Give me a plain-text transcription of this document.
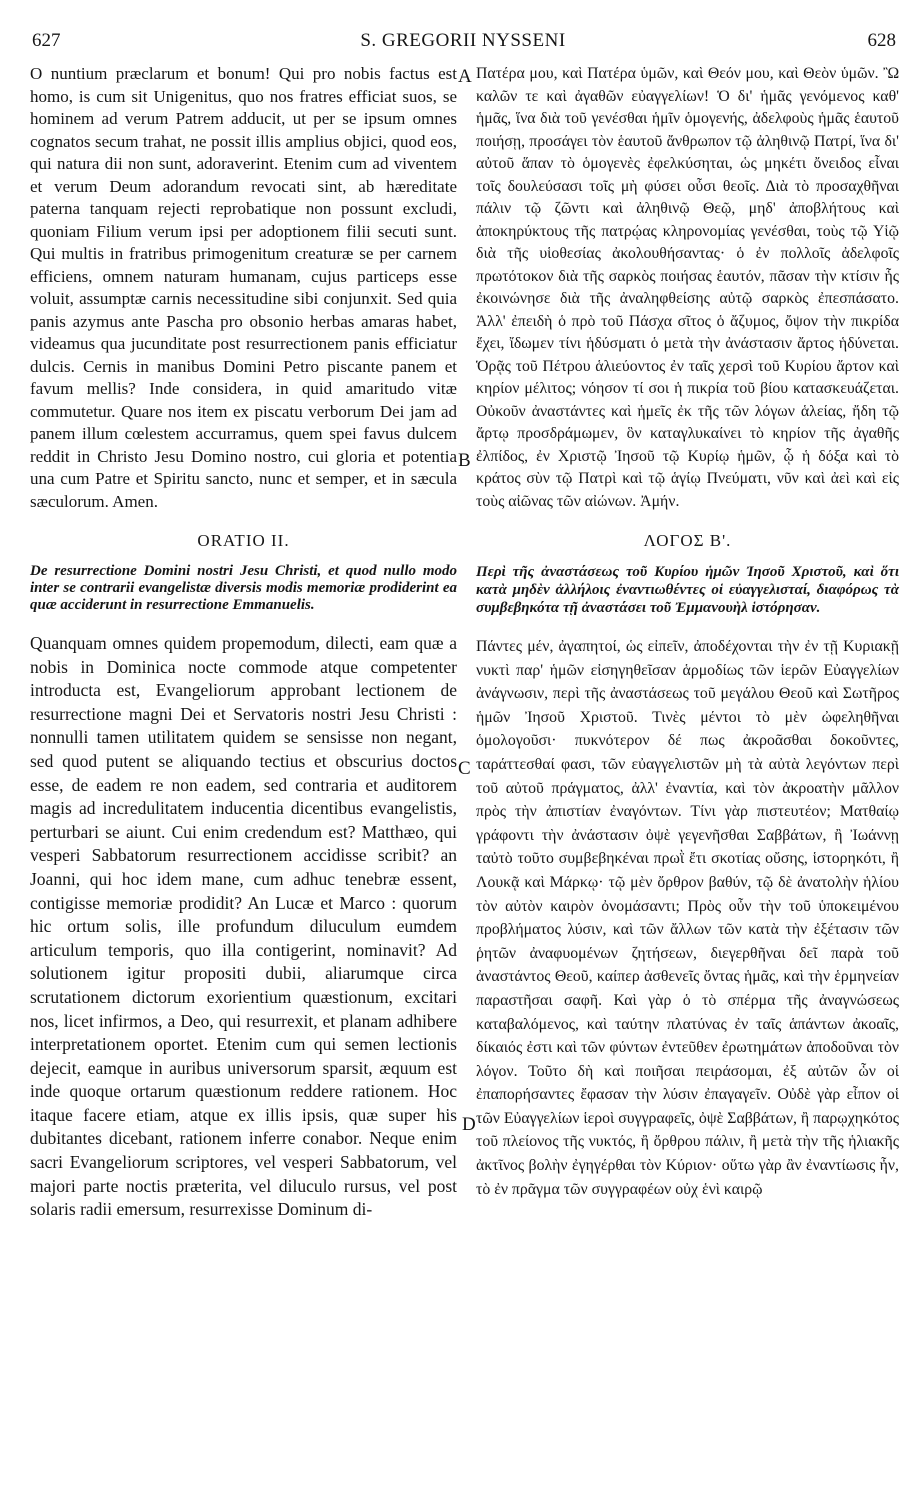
627	S. GREGORII NYSSENI	628

O nuntium præclarum et bonum! Qui pro nobis factus est homo, is cum sit Unigenitus, quo nos fratres efficiat suos, se hominem ad verum Patrem adducit, ut per se ipsum omnes cognatos secum trahat, ne possit illis amplius objici, quod eos, qui natura dii non sunt, adoraverint. Etenim cum ad viventem et verum Deum adorandum revocati sint, ab hæreditate paterna tanquam rejecti reprobatique non possunt excludi, quoniam Filium verum ipsi per adoptionem filii secuti sunt. Qui multis in fratribus primogenitum creaturæ se per carnem efficiens, omnem naturam humanam, cujus particeps esse voluit, assumptæ carnis necessitudine sibi conjunxit. Sed quia panis azymus ante Pascha pro obsonio herbas amaras habet, videamus qua jucunditate post resurrectionem panis efficiatur dulcis. Cernis in manibus Domini Petro piscante panem et favum mellis? Inde considera, in quid amaritudo vitæ commutetur. Quare nos item ex piscatu verborum Dei jam ad panem illum cœlestem accurramus, quem spei favus dulcem reddit in Christo Jesu Domino nostro, cui gloria et potentia una cum Patre et Spiritu sancto, nunc et semper, et in sæcula sæculorum. Amen.

ORATIO II.

De resurrectione Domini nostri Jesu Christi, et quod nullo modo inter se contrarii evangelistæ diversis modis memoriæ prodiderint ea quæ acciderunt in resurrectione Emmanuelis.

Quanquam omnes quidem propemodum, dilecti, eam quæ a nobis in Dominica nocte commode atque competenter introducta est, Evangeliorum approbant lectionem de resurrectione magni Dei et Servatoris nostri Jesu Christi : nonnulli tamen utilitatem quidem se sensisse non negant, sed quod putent se aliquando tectius et obscurius doctos esse, de eadem re non eadem, sed contraria et auditorem magis ad incredulitatem inducentia dicentibus evangelistis, perturbari se aiunt. Cui enim credendum est? Matthæo, qui vesperi Sabbatorum resurrectionem accidisse scribit? an Joanni, qui hoc idem mane, cum adhuc tenebræ essent, contigisse memoriæ prodidit? An Lucæ et Marco : quorum hic ortum solis, ille profundum diluculum eumdem articulum temporis, quo illa contigerint, nominavit? Ad solutionem igitur propositi dubii, aliarumque circa scrutationem dictorum exorientium quæstionum, excitari nos, licet infirmos, a Deo, qui resurrexit, et planam adhibere interpretationem oportet. Etenim cum qui semen lectionis dejecit, eamque in auribus universorum sparsit, æquum est inde quoque ortarum quæstionum reddere rationem. Hoc itaque facere etiam, atque ex illis ipsis, quæ super his dubitantes dicebant, rationem inferre conabor. Neque enim sacri Evangeliorum scriptores, vel vesperi Sabbatorum, vel majori parte noctis præterita, vel diluculo rursus, vel post solaris radii emersum, resurrexisse Dominum di-

Πατέρα μου, καὶ Πατέρα ὑμῶν, καὶ Θεόν μου, καὶ Θεὸν ὑμῶν. Ὢ καλῶν τε καὶ ἀγαθῶν εὐαγγελίων! Ὁ δι' ἡμᾶς γενόμενος καθ' ἡμᾶς, ἵνα διὰ τοῦ γενέσθαι ἡμῖν ὁμογενής, ἀδελφοὺς ἡμᾶς ἑαυτοῦ ποιήσῃ, προσάγει τὸν ἑαυτοῦ ἄνθρωπον τῷ ἀληθινῷ Πατρί, ἵνα δι' αὐτοῦ ἅπαν τὸ ὁμογενὲς ἐφελκύσηται, ὡς μηκέτι ὄνειδος εἶναι τοῖς δουλεύσασι τοῖς μὴ φύσει οὖσι θεοῖς. Διὰ τὸ προσαχθῆναι πάλιν τῷ ζῶντι καὶ ἀληθινῷ Θεῷ, μηδ' ἀποβλήτους καὶ ἀποκηρύκτους τῆς πατρῴας κληρονομίας γενέσθαι, τοὺς τῷ Υἱῷ διὰ τῆς υἱοθεσίας ἀκολουθήσαντας· ὁ ἐν πολλοῖς ἀδελφοῖς πρωτότοκον διὰ τῆς σαρκὸς ποιήσας ἑαυτόν, πᾶσαν τὴν κτίσιν ἧς ἐκοινώνησε διὰ τῆς ἀναληφθείσης αὐτῷ σαρκὸς ἐπεσπάσατο. Ἀλλ' ἐπειδὴ ὁ πρὸ τοῦ Πάσχα σῖτος ὁ ἄζυμος, ὄψον τὴν πικρίδα ἔχει, ἴδωμεν τίνι ἡδύσματι ὁ μετὰ τὴν ἀνάστασιν ἄρτος ἡδύνεται. Ὁρᾷς τοῦ Πέτρου ἁλιεύοντος ἐν ταῖς χερσὶ τοῦ Κυρίου ἄρτον καὶ κηρίον μέλιτος; νόησον τί σοι ἡ πικρία τοῦ βίου κατασκευάζεται. Οὐκοῦν ἀναστάντες καὶ ἡμεῖς ἐκ τῆς τῶν λόγων ἁλείας, ἤδη τῷ ἄρτῳ προσδράμωμεν, ὃν καταγλυκαίνει τὸ κηρίον τῆς ἀγαθῆς ἐλπίδος, ἐν Χριστῷ Ἰησοῦ τῷ Κυρίῳ ἡμῶν, ᾧ ἡ δόξα καὶ τὸ κράτος σὺν τῷ Πατρὶ καὶ τῷ ἁγίῳ Πνεύματι, νῦν καὶ ἀεὶ καὶ εἰς τοὺς αἰῶνας τῶν αἰώνων. Ἀμήν.

ΛΟΓΟΣ Β'.

Περὶ τῆς ἀναστάσεως τοῦ Κυρίου ἡμῶν Ἰησοῦ Χριστοῦ, καὶ ὅτι κατὰ μηδὲν ἀλλήλοις ἐναντιωθέντες οἱ εὐαγγελισταί, διαφόρως τὰ συμβεβηκότα τῇ ἀναστάσει τοῦ Ἐμμανουὴλ ἱστόρησαν.

Πάντες μέν, ἀγαπητοί, ὡς εἰπεῖν, ἀποδέχονται τὴν ἐν τῇ Κυριακῇ νυκτὶ παρ' ἡμῶν εἰσηγηθεῖσαν ἁρμοδίως τῶν ἱερῶν Εὐαγγελίων ἀνάγνωσιν, περὶ τῆς ἀναστάσεως τοῦ μεγάλου Θεοῦ καὶ Σωτῆρος ἡμῶν Ἰησοῦ Χριστοῦ. Τινὲς μέντοι τὸ μὲν ὠφεληθῆναι ὁμολογοῦσι· πυκνότερον δέ πως ἀκροᾶσθαι δοκοῦντες, ταράττεσθαί φασι, τῶν εὐαγγελιστῶν μὴ τὰ αὐτὰ λεγόντων περὶ τοῦ αὐτοῦ πράγματος, ἀλλ' ἐναντία, καὶ τὸν ἀκροατὴν μᾶλλον πρὸς τὴν ἀπιστίαν ἐναγόντων. Τίνι γὰρ πιστευτέον; Ματθαίῳ γράφοντι τὴν ἀνάστασιν ὀψὲ γεγενῆσθαι Σαββάτων, ἢ Ἰωάννῃ ταὐτὸ τοῦτο συμβεβηκέναι πρωῒ ἔτι σκοτίας οὔσης, ἱστορηκότι, ἢ Λουκᾷ καὶ Μάρκῳ· τῷ μὲν ὄρθρον βαθύν, τῷ δὲ ἀνατολὴν ἡλίου τὸν αὐτὸν καιρὸν ὀνομάσαντι; Πρὸς οὖν τὴν τοῦ ὑποκειμένου προβλήματος λύσιν, καὶ τῶν ἄλλων τῶν κατὰ τὴν ἐξέτασιν τῶν ῥητῶν ἀναφυομένων ζητήσεων, διεγερθῆναι δεῖ παρὰ τοῦ ἀναστάντος Θεοῦ, καίπερ ἀσθενεῖς ὄντας ἡμᾶς, καὶ τὴν ἑρμηνείαν παραστῆσαι σαφῆ. Καὶ γὰρ ὁ τὸ σπέρμα τῆς ἀναγνώσεως καταβαλόμενος, καὶ ταύτην πλατύνας ἐν ταῖς ἁπάντων ἀκοαῖς, δίκαιός ἐστι καὶ τῶν φύντων ἐντεῦθεν ἐρωτημάτων ἀποδοῦναι τὸν λόγον. Τοῦτο δὴ καὶ ποιῆσαι πειράσομαι, ἐξ αὐτῶν ὧν οἱ ἐπαπορήσαντες ἔφασαν τὴν λύσιν ἐπαγαγεῖν. Οὐδὲ γὰρ εἶπον οἱ τῶν Εὐαγγελίων ἱεροὶ συγγραφεῖς, ὀψὲ Σαββάτων, ἢ παρῳχηκότος τοῦ πλείονος τῆς νυκτός, ἢ ὄρθρου πάλιν, ἢ μετὰ τὴν τῆς ἡλιακῆς ἀκτῖνος βολὴν ἐγηγέρθαι τὸν Κύριον· οὕτω γὰρ ἂν ἐναντίωσις ἦν, τὸ ἐν πρᾶγμα τῶν συγγραφέων οὐχ ἑνὶ καιρῷ

A
B
C
D
